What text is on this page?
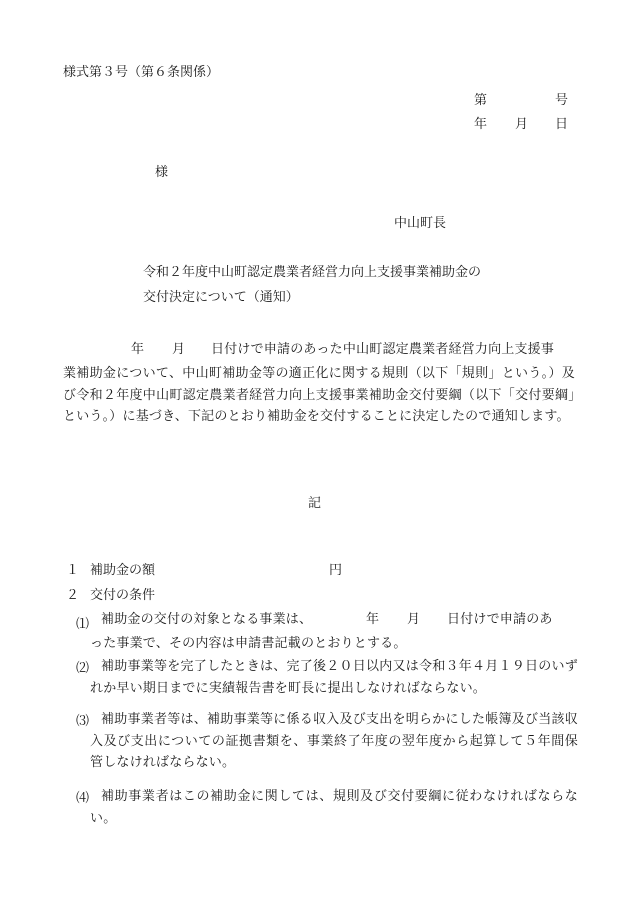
様式第３号（第６条関係）
第	号
年 月 日
様
中山町長
令和２年度中山町認定農業者経営力向上支援事業補助金の
交付決定について（通知）
年 月 日付けで申請のあった中山町認定農業者経営力向上支援事
業補助金について、中山町補助金等の適正化に関する規則（以下「規則」という。）及び令和２年度中山町認定農業者経営力向上支援事業補助金交付要綱（以下「交付要綱」という。）に基づき、下記のとおり補助金を交付することに決定したので通知します。
記
１ 補助金の額	円
２ 交付の条件
⑴ 補助金の交付の対象となる事業は、	年 月 日付けで申請のあ
った事業で、その内容は申請書記載のとおりとする。
⑵ 補助事業等を完了したときは、完了後２０日以内又は令和３年４月１９日のいずれか早い期日までに実績報告書を町長に提出しなければならない。
⑶ 補助事業者等は、補助事業等に係る収入及び支出を明らかにした帳簿及び当該収入及び支出についての証拠書類を、事業終了年度の翌年度から起算して５年間保管しなければならない。
⑷ 補助事業者はこの補助金に関しては、規則及び交付要綱に従わなければならない。
